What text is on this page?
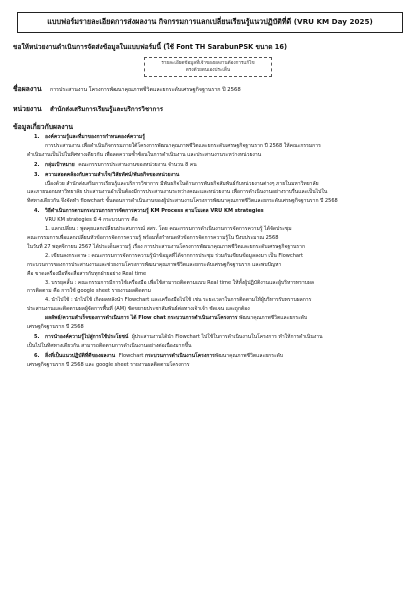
แบบฟอร์มรายละเอียดการส่งผลงาน กิจกรรมการแลกเปลี่ยนเรียนรู้แนวปฏิบัติที่ดี (VRU KM Day 2025)
ขอให้หน่วยงานดำเนินการจัดส่งข้อมูลในแบบฟอร์มนี้ (ใช้ Font TH SarabunPSK ขนาด 16)
รายละเอียดข้อมูลที่เจ้าของผลงานต้องการแก้ไข
ตรงด้วยตนเองประเด็น
ชื่อผลงาน	การประสานงาน โครงการพัฒนาคุณภาพชีวิตและยกระดับเศรษฐกิจฐานราก ปี 2568
หน่วยงาน	สำนักส่งเสริมการเรียนรู้และบริการวิชาการ
ข้อมูลเกี่ยวกับผลงาน
1. องค์ความรู้และที่มาของการกำหนดองค์ความรู้
การประสานงาน เพื่อดำเนินกิจกรรมภายใต้โครงการพัฒนาคุณภาพชีวิตและยกระดับเศรษฐกิจฐานราก ปี 2568 ให้คณะกรรมการ
ดำเนินงานเป็นไปในทิศทางเดียวกัน เพื่อลดความซ้ำซ้อนในการดำเนินงาน และประสานงานระหว่างหน่วยงาน
2. กลุ่มเป้าหมาย คณะกรรมการประสานงานของหน่วยงาน จำนวน 8 คน
3. ความสอดคล้องกับความสำเร็จ/วิสัยทัศน์/พันธกิจของหน่วยงาน
เนื่องด้วย สำนักส่งเสริมการเรียนรู้และบริการวิชาการ มีพันธกิจในด้านการพันธกิจสัมพันธ์กับหน่วยงานต่างๆ ภายในมหาวิทยาลัย
และภายนอกมหาวิทยาลัย ประสานงานอำเป็นต้องมีการประสานงานระหว่างคณะและหน่วยงาน เพื่อการดำเนินงานอย่างราบรื่นและเป็นไปใน
ทิศทางเดียวกัน จึงจัดทำ flowchart ขั้นตอนการดำเนินงานของผู้ประสานงานโครงการพัฒนาคุณภาพชีวิตและยกระดับเศรษฐกิจฐานราก ปี 2568
4. วิธีดำเนินการตามกระบวนการการจัดการความรู้ KM Process ตามโมเดล VRU KM strategies
VRU KM strategies มี 4 กระบวนการ คือ
1. แลกเปลี่ยน : พูดคุยแลกเปลี่ยนประสบการณ์ สสร. โดย คณะกรรมการดำเนินงานการจัดการความรู้ ได้จัดประชุม
คณะกรรมการเพื่อแลกเปลี่ยนหัวข้อการจัดการความรู้ พร้อมทั้งกำหนดหัวข้อการจัดการความรู้ใน ปีงบประมาณ 2568
ในวันที่ 27 พฤศจิกายน 2567 ได้ประเด็นความรู้ เรื่อง การประสานงานโครงการพัฒนาคุณภาพชีวิตและยกระดับเศรษฐกิจฐานราก
2. เขียนลงกระดาษ : คณะกรรมการจัดการความรู้นำข้อมูลที่ได้จากการประชุม ร่วมกันเขียนข้อมูลลงมา เป็น Flowchart
กระบวนการของการประสานงานและช่วยงานโครงการพัฒนาคุณภาพชีวิตและยกระดับเศรษฐกิจฐานราก และพบปัญหา
คือ ขาดเครื่องมือที่จะสื่อสารกับทุกฝ่ายอย่าง Real time
3. บรรยุคลั้น : คณะกรรมการมีการใช้เครื่องมือ เพื่อใช้สามารถติดตามแบบ Real time ให้ทั้งผู้ปฏิบัติงานและผู้บริหารทราบผล
การติดตาม คือ การใช้ google sheet รายงานผลติดตาม
4. นำไปใช้ : นำไปใช้ เกิดผลหลังนำ Flowchart และเครื่องมือไปใช้ เช่น ระยะเวลาในการติดตามให้ผู้บริหารรับทราบผลการ
ประสานงานและติดตามผลผู้จัดการพื้นที่ (AM) ชัดขยายประชาสัมพันธ์ต่อทางเจ้าเจ้า ชัดเจน และถูกต้อง
ผลลัพธ์/ความสำเร็จของการดำเนินการ ได้ Flow chat กระบวนการดำเนินงานโครงการ พัฒนาคุณภาพชีวิตและยกระดับ
เศรษฐกิจฐานราก ปี 2568
5. การนำองค์ความรู้ไปสู่การใช้ประโยชน์ ผู้ประสานงานได้นำ Flowchart ไปใช้ในการดำเนินงานในโครงการ ทำให้การดำเนินงาน
เป็นไปในทิศทางเดียวกัน สามารถติดตามการดำเนินงานอย่างต่อเนื่องมากขึ้น
6. สิ่งที่เป็นแนวปฏิบัติที่ดีของผลงาน Flowchart กระบวนการดำเนินงานโครงการพัฒนาคุณภาพชีวิตและยกระดับ
เศรษฐกิจฐานราก ปี 2568 และ google sheet รายงานผลติดตามโครงการ
